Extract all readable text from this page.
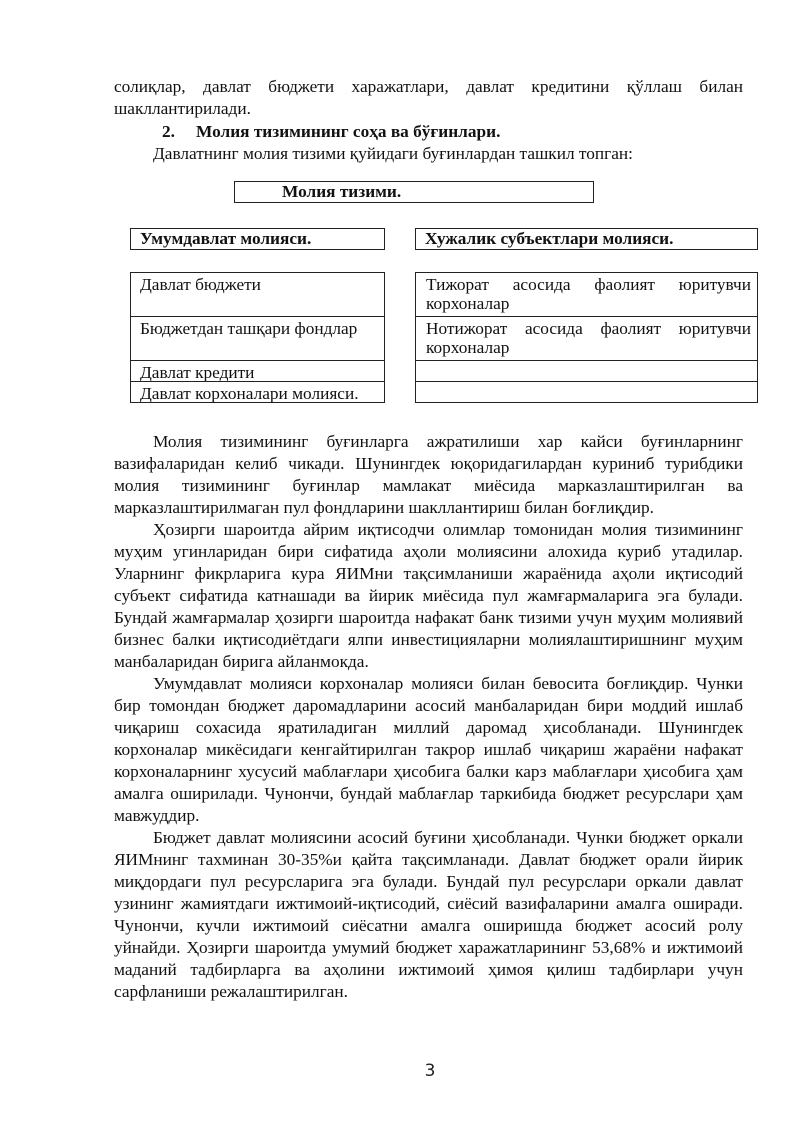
солиқлар, давлат бюджети харажатлари, давлат кредитини қўллаш билан шакллантирилади.

2. Молия тизимининг соҳа ва бўғинлари.

Давлатнинг молия тизими қуйидаги буғинлардан ташкил топган:

Молия тизими.
Умумдавлат молияси.	Хужалик субъектлари молияси.
Давлат бюджети
Бюджетдан ташқари фондлар
Давлат кредити
Давлат корхоналари молияси.
Тижорат асосида фаолият юритувчи корхоналар
Нотижорат асосида фаолият юритувчи корхоналар

Молия тизимининг буғинларга ажратилиши хар кайси буғинларнинг вазифаларидан келиб чикади. Шунингдек юқоридагилардан куриниб турибдики молия тизимининг буғинлар мамлакат миёсида марказлаштирилган ва марказлаштирилмаган пул фондларини шакллантириш билан боғлиқдир.

Ҳозирги шароитда айрим иқтисодчи олимлар томонидан молия тизимининг муҳим угинларидан бири сифатида аҳоли молиясини алохида куриб утадилар. Уларнинг фикрларига кура ЯИМни тақсимланиши жараёнида аҳоли иқтисодий субъект сифатида катнашади ва йирик миёсида пул жамғармаларига эга булади. Бундай жамғармалар ҳозирги шароитда нафакат банк тизими учун муҳим молиявий бизнес балки иқтисодиётдаги ялпи инвестицияларни молиялаштиришнинг муҳим манбаларидан бирига айланмокда.

Умумдавлат молияси корхоналар молияси билан бевосита боғлиқдир. Чунки бир томондан бюджет даромадларини асосий манбаларидан бири моддий ишлаб чиқариш сохасида яратиладиган миллий даромад ҳисобланади. Шунингдек корхоналар микёсидаги кенгайтирилган такрор ишлаб чиқариш жараёни нафакат корхоналарнинг хусусий маблағлари ҳисобига балки карз маблағлари ҳисобига ҳам амалга оширилади. Чунончи, бундай маблағлар таркибида бюджет ресурслари ҳам мавжуддир.

Бюджет давлат молиясини асосий буғини ҳисобланади. Чунки бюджет оркали ЯИМнинг тахминан 30-35%и қайта тақсимланади. Давлат бюджет орали йирик миқдордаги пул ресурсларига эга булади. Бундай пул ресурслари оркали давлат узининг жамиятдаги ижтимоий-иқтисодий, сиёсий вазифаларини амалга оширади. Чунончи, кучли ижтимоий сиёсатни амалга оширишда бюджет асосий ролу уйнайди. Ҳозирги шароитда умумий бюджет харажатларининг 53,68% и ижтимоий маданий тадбирларга ва аҳолини ижтимоий ҳимоя қилиш тадбирлари учун сарфланиши режалаштирилган.

3
